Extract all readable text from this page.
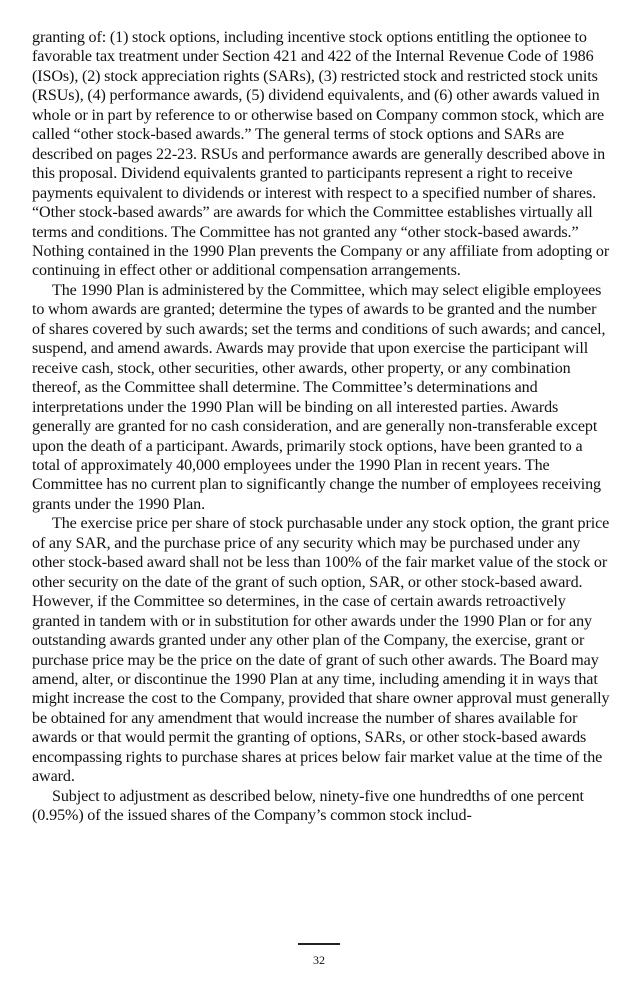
granting of: (1) stock options, including incentive stock options entitling the optionee to favorable tax treatment under Section 421 and 422 of the Internal Revenue Code of 1986 (ISOs), (2) stock appreciation rights (SARs), (3) restricted stock and restricted stock units (RSUs), (4) performance awards, (5) dividend equivalents, and (6) other awards valued in whole or in part by reference to or otherwise based on Company common stock, which are called “other stock-based awards.” The general terms of stock options and SARs are described on pages 22-23. RSUs and performance awards are generally described above in this proposal. Dividend equivalents granted to participants represent a right to receive payments equivalent to dividends or interest with respect to a specified number of shares. “Other stock-based awards” are awards for which the Committee establishes virtually all terms and conditions. The Committee has not granted any “other stock-based awards.” Nothing contained in the 1990 Plan prevents the Company or any affiliate from adopting or continuing in effect other or additional compensation arrangements.

The 1990 Plan is administered by the Committee, which may select eligible employees to whom awards are granted; determine the types of awards to be granted and the number of shares covered by such awards; set the terms and conditions of such awards; and cancel, suspend, and amend awards. Awards may provide that upon exercise the participant will receive cash, stock, other securities, other awards, other property, or any combination thereof, as the Committee shall determine. The Committee’s determinations and interpretations under the 1990 Plan will be binding on all interested parties. Awards generally are granted for no cash consideration, and are generally non-transferable except upon the death of a participant. Awards, primarily stock options, have been granted to a total of approximately 40,000 employees under the 1990 Plan in recent years. The Committee has no current plan to significantly change the number of employees receiving grants under the 1990 Plan.

The exercise price per share of stock purchasable under any stock option, the grant price of any SAR, and the purchase price of any security which may be purchased under any other stock-based award shall not be less than 100% of the fair market value of the stock or other security on the date of the grant of such option, SAR, or other stock-based award. However, if the Committee so determines, in the case of certain awards retroactively granted in tandem with or in substitution for other awards under the 1990 Plan or for any outstanding awards granted under any other plan of the Company, the exercise, grant or purchase price may be the price on the date of grant of such other awards. The Board may amend, alter, or discontinue the 1990 Plan at any time, including amending it in ways that might increase the cost to the Company, provided that share owner approval must generally be obtained for any amendment that would increase the number of shares available for awards or that would permit the granting of options, SARs, or other stock-based awards encompassing rights to purchase shares at prices below fair market value at the time of the award.

Subject to adjustment as described below, ninety-five one hundredths of one percent (0.95%) of the issued shares of the Company’s common stock includ-

32
